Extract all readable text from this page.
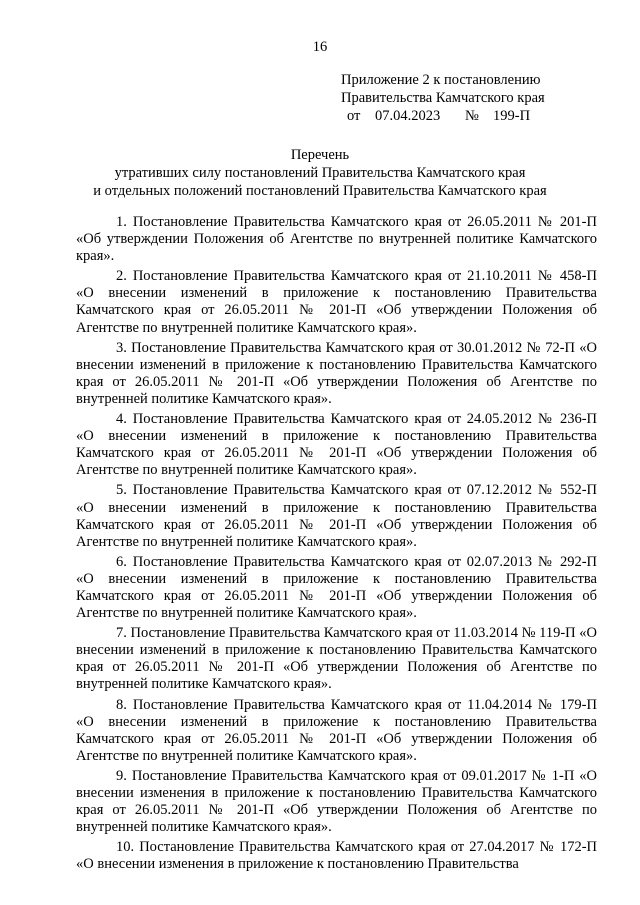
16
Приложение 2 к постановлению
Правительства Камчатского края
от 07.04.2023 № 199-П
Перечень
утративших силу постановлений Правительства Камчатского края
и отдельных положений постановлений Правительства Камчатского края

1. Постановление Правительства Камчатского края от 26.05.2011 № 201-П «Об утверждении Положения об Агентстве по внутренней политике Камчатского края».

2. Постановление Правительства Камчатского края от 21.10.2011 № 458-П «О внесении изменений в приложение к постановлению Правительства Камчатского края от 26.05.2011 № 201-П «Об утверждении Положения об Агентстве по внутренней политике Камчатского края».

3. Постановление Правительства Камчатского края от 30.01.2012 № 72-П «О внесении изменений в приложение к постановлению Правительства Камчатского края от 26.05.2011 № 201-П «Об утверждении Положения об Агентстве по внутренней политике Камчатского края».

4. Постановление Правительства Камчатского края от 24.05.2012 № 236-П «О внесении изменений в приложение к постановлению Правительства Камчатского края от 26.05.2011 № 201-П «Об утверждении Положения об Агентстве по внутренней политике Камчатского края».

5. Постановление Правительства Камчатского края от 07.12.2012 № 552-П «О внесении изменений в приложение к постановлению Правительства Камчатского края от 26.05.2011 № 201-П «Об утверждении Положения об Агентстве по внутренней политике Камчатского края».

6. Постановление Правительства Камчатского края от 02.07.2013 № 292-П «О внесении изменений в приложение к постановлению Правительства Камчатского края от 26.05.2011 № 201-П «Об утверждении Положения об Агентстве по внутренней политике Камчатского края».

7. Постановление Правительства Камчатского края от 11.03.2014 № 119-П «О внесении изменений в приложение к постановлению Правительства Камчатского края от 26.05.2011 № 201-П «Об утверждении Положения об Агентстве по внутренней политике Камчатского края».

8. Постановление Правительства Камчатского края от 11.04.2014 № 179-П «О внесении изменений в приложение к постановлению Правительства Камчатского края от 26.05.2011 № 201-П «Об утверждении Положения об Агентстве по внутренней политике Камчатского края».

9. Постановление Правительства Камчатского края от 09.01.2017 № 1-П «О внесении изменения в приложение к постановлению Правительства Камчатского края от 26.05.2011 № 201-П «Об утверждении Положения об Агентстве по внутренней политике Камчатского края».

10. Постановление Правительства Камчатского края от 27.04.2017 № 172-П «О внесении изменения в приложение к постановлению Правительства
